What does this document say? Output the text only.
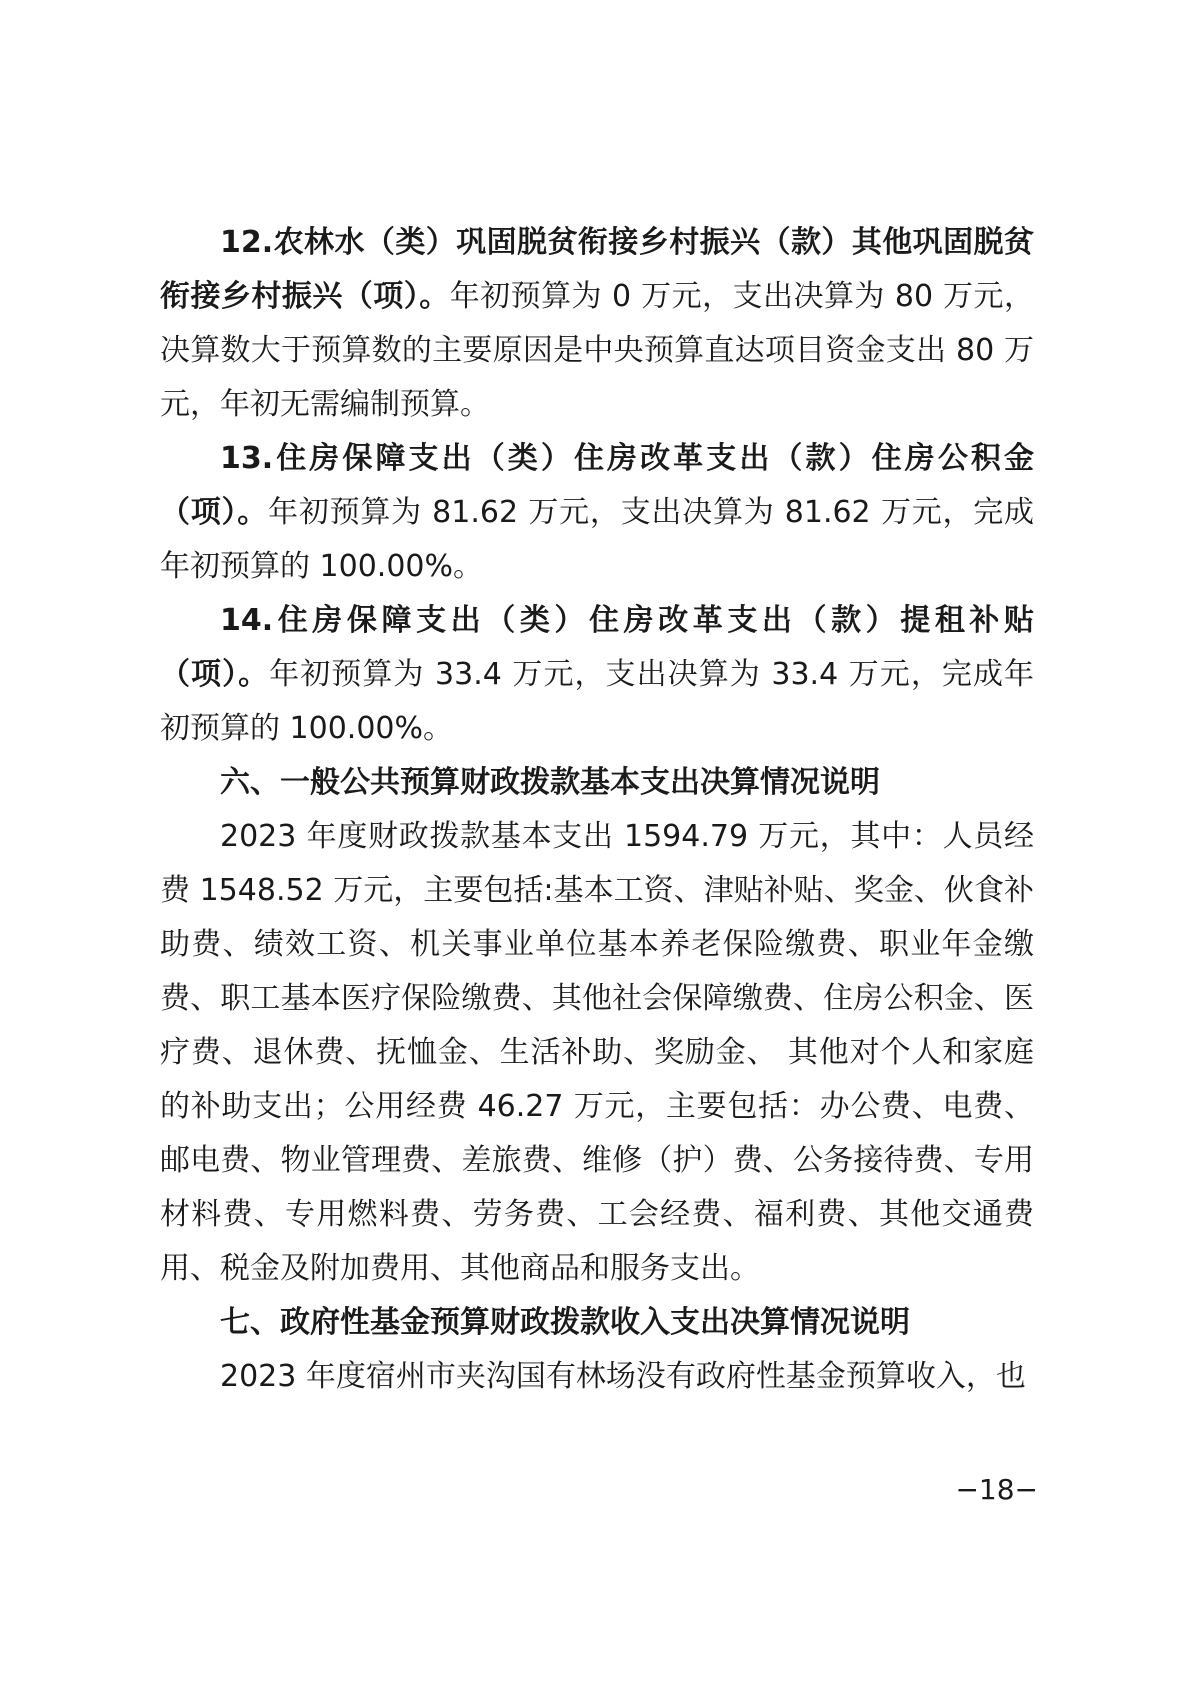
12.农林水（类）巩固脱贫衔接乡村振兴（款）其他巩固脱贫衔接乡村振兴（项）。年初预算为 0 万元，支出决算为 80 万元，决算数大于预算数的主要原因是中央预算直达项目资金支出 80 万元，年初无需编制预算。

13.住房保障支出（类）住房改革支出（款）住房公积金（项）。年初预算为 81.62 万元，支出决算为 81.62 万元，完成年初预算的 100.00%。

14.住房保障支出（类）住房改革支出（款）提租补贴（项）。年初预算为 33.4 万元，支出决算为 33.4 万元，完成年初预算的 100.00%。

六、一般公共预算财政拨款基本支出决算情况说明

2023 年度财政拨款基本支出 1594.79 万元，其中：人员经费 1548.52 万元，主要包括:基本工资、津贴补贴、奖金、伙食补助费、绩效工资、机关事业单位基本养老保险缴费、职业年金缴费、职工基本医疗保险缴费、其他社会保障缴费、住房公积金、医疗费、退休费、抚恤金、生活补助、奖励金、 其他对个人和家庭的补助支出；公用经费 46.27 万元，主要包括：办公费、电费、邮电费、物业管理费、差旅费、维修（护）费、公务接待费、专用材料费、专用燃料费、劳务费、工会经费、福利费、其他交通费用、税金及附加费用、其他商品和服务支出。

七、政府性基金预算财政拨款收入支出决算情况说明

2023 年度宿州市夹沟国有林场没有政府性基金预算收入，也

−18−
